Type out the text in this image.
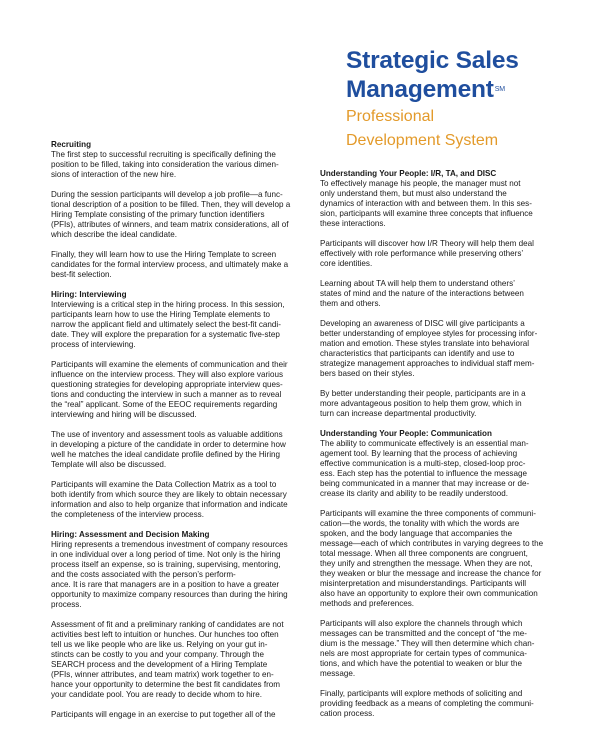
Strategic Sales
ManagementSM
Professional
Development System
Recruiting

The first step to successful recruiting is specifically defining the
position to be filled, taking into consideration the various dimen-
sions of interaction of the new hire.

During the session participants will develop a job profile—a func-
tional description of a position to be filled. Then, they will develop a
Hiring Template consisting of the primary function identifiers
(PFIs), attributes of winners, and team matrix considerations, all of
which describe the ideal candidate.

Finally, they will learn how to use the Hiring Template to screen
candidates for the formal interview process, and ultimately make a
best-fit selection.

Hiring: Interviewing

Interviewing is a critical step in the hiring process. In this session,
participants learn how to use the Hiring Template elements to
narrow the applicant field and ultimately select the best-fit candi-
date. They will explore the preparation for a systematic five-step
process of interviewing.

Participants will examine the elements of communication and their
influence on the interview process. They will also explore various
questioning strategies for developing appropriate interview ques-
tions and conducting the interview in such a manner as to reveal
the “real” applicant. Some of the EEOC requirements regarding
interviewing and hiring will be discussed.

The use of inventory and assessment tools as valuable additions
in developing a picture of the candidate in order to determine how
well he matches the ideal candidate profile defined by the Hiring
Template will also be discussed.

Participants will examine the Data Collection Matrix as a tool to
both identify from which source they are likely to obtain necessary
information and also to help organize that information and indicate
the completeness of the interview process.

Hiring: Assessment and Decision Making

Hiring represents a tremendous investment of company resources
in one individual over a long period of time. Not only is the hiring
process itself an expense, so is training, supervising, mentoring,
and the costs associated with the person’s perform-
ance. It is rare that managers are in a position to have a greater
opportunity to maximize company resources than during the hiring
process.

Assessment of fit and a preliminary ranking of candidates are not
activities best left to intuition or hunches. Our hunches too often
tell us we like people who are like us. Relying on your gut in-
stincts can be costly to you and your company. Through the
SEARCH process and the development of a Hiring Template
(PFIs, winner attributes, and team matrix) work together to en-
hance your opportunity to determine the best fit candidates from
your candidate pool. You are ready to decide whom to hire.

Participants will engage in an exercise to put together all of the

Understanding Your People: I/R, TA, and DISC

To effectively manage his people, the manager must not
only understand them, but must also understand the
dynamics of interaction with and between them. In this ses-
sion, participants will examine three concepts that influence
these interactions.

Participants will discover how I/R Theory will help them deal
effectively with role performance while preserving others’
core identities.

Learning about TA will help them to understand others’
states of mind and the nature of the interactions between
them and others.

Developing an awareness of DISC will give participants a
better understanding of employee styles for processing infor-
mation and emotion. These styles translate into behavioral
characteristics that participants can identify and use to
strategize management approaches to individual staff mem-
bers based on their styles.

By better understanding their people, participants are in a
more advantageous position to help them grow, which in
turn can increase departmental productivity.

Understanding Your People: Communication

The ability to communicate effectively is an essential man-
agement tool. By learning that the process of achieving
effective communication is a multi-step, closed-loop proc-
ess. Each step has the potential to influence the message
being communicated in a manner that may increase or de-
crease its clarity and ability to be readily understood.

Participants will examine the three components of communi-
cation—the words, the tonality with which the words are
spoken, and the body language that accompanies the
message—each of which contributes in varying degrees to the
total message. When all three components are congruent,
they unify and strengthen the message. When they are not,
they weaken or blur the message and increase the chance for
misinterpretation and misunderstandings. Participants will
also have an opportunity to explore their own communication
methods and preferences.

Participants will also explore the channels through which
messages can be transmitted and the concept of “the me-
dium is the message.” They will then determine which chan-
nels are most appropriate for certain types of communica-
tions, and which have the potential to weaken or blur the
message.

Finally, participants will explore methods of soliciting and
providing feedback as a means of completing the communi-
cation process.
